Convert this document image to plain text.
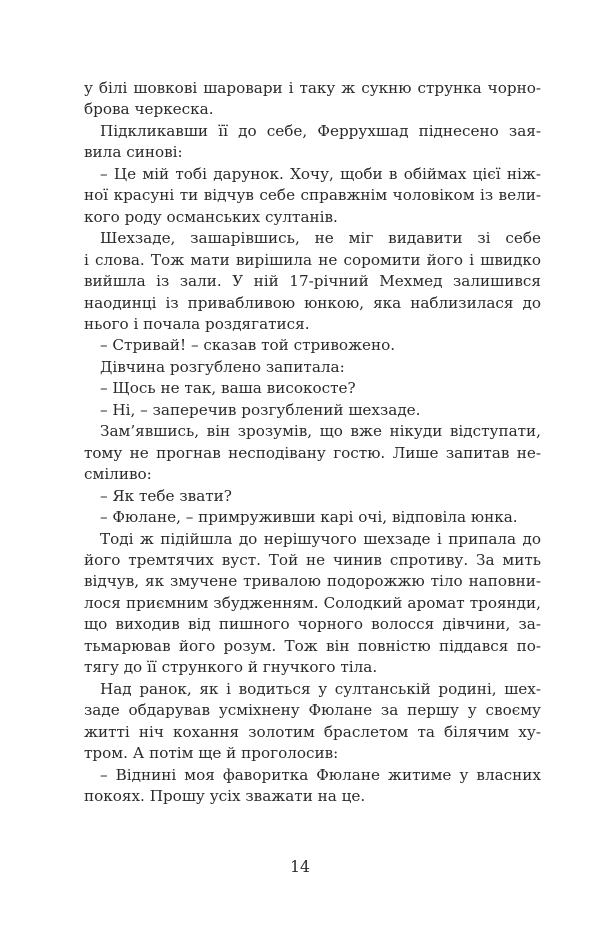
у білі шовкові шаровари і таку ж сукню струнка чорно-
брова черкеска.
Підкликавши її до себе, Феррухшад піднесено зая-
вила синові:
– Це мій тобі дарунок. Хочу, щоби в обіймах цієї ніж-
ної красуні ти відчув себе справжнім чоловіком із вели-
кого роду османських султанів.
Шехзаде, зашарівшись, не міг видавити зі себе
і слова. Тож мати вирішила не соромити його і швидко
вийшла із зали. У ній 17-річний Мехмед залишився
наодинці із привабливою юнкою, яка наблизилася до
нього і почала роздягатися.
– Стривай! – сказав той стривожено.
Дівчина розгублено запитала:
– Щось не так, ваша високосте?
– Ні, – заперечив розгублений шехзаде.
Зам’явшись, він зрозумів, що вже нікуди відступати,
тому не прогнав несподівану гостю. Лише запитав не-
сміливо:
– Як тебе звати?
– Фюлане, – примруживши карі очі, відповіла юнка.
Тоді ж підійшла до нерішучого шехзаде і припала до
його тремтячих вуст. Той не чинив спротиву. За мить
відчув, як змучене тривалою подорожжю тіло наповни-
лося приємним збудженням. Солодкий аромат троянди,
що виходив від пишного чорного волосся дівчини, за-
тьмарював його розум. Тож він повністю піддався по-
тягу до її стрункого й гнучкого тіла.
Над ранок, як і водиться у султанській родині, шех-
заде обдарував усміхнену Фюлане за першу у своєму
житті ніч кохання золотим браслетом та білячим ху-
тром. А потім ще й проголосив:
– Віднині моя фаворитка Фюлане житиме у власних
покоях. Прошу усіх зважати на це.
14
